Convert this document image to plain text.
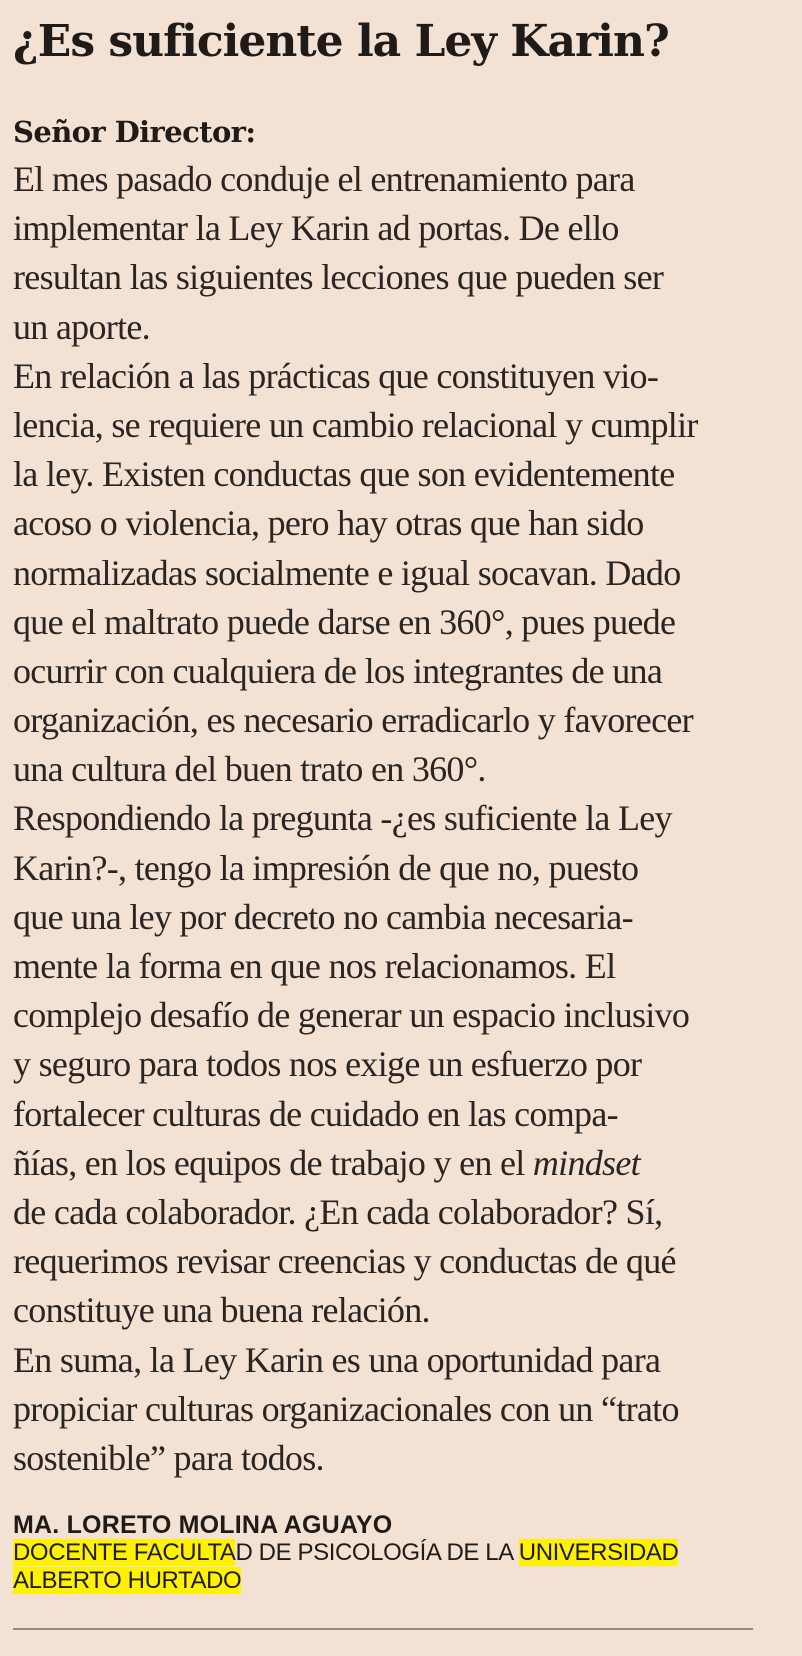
¿Es suficiente la Ley Karin?
Señor Director:
El mes pasado conduje el entrenamiento para
implementar la Ley Karin ad portas. De ello
resultan las siguientes lecciones que pueden ser
un aporte.
En relación a las prácticas que constituyen vio-
lencia, se requiere un cambio relacional y cumplir
la ley. Existen conductas que son evidentemente
acoso o violencia, pero hay otras que han sido
normalizadas socialmente e igual socavan. Dado
que el maltrato puede darse en 360°, pues puede
ocurrir con cualquiera de los integrantes de una
organización, es necesario erradicarlo y favorecer
una cultura del buen trato en 360°.
Respondiendo la pregunta -¿es suficiente la Ley
Karin?-, tengo la impresión de que no, puesto
que una ley por decreto no cambia necesaria-
mente la forma en que nos relacionamos. El
complejo desafío de generar un espacio inclusivo
y seguro para todos nos exige un esfuerzo por
fortalecer culturas de cuidado en las compa-
ñías, en los equipos de trabajo y en el mindset
de cada colaborador. ¿En cada colaborador? Sí,
requerimos revisar creencias y conductas de qué
constituye una buena relación.
En suma, la Ley Karin es una oportunidad para
propiciar culturas organizacionales con un “trato
sostenible” para todos.
MA. LORETO MOLINA AGUAYO
DOCENTE FACULTAD DE PSICOLOGÍA DE LA UNIVERSIDAD
ALBERTO HURTADO
